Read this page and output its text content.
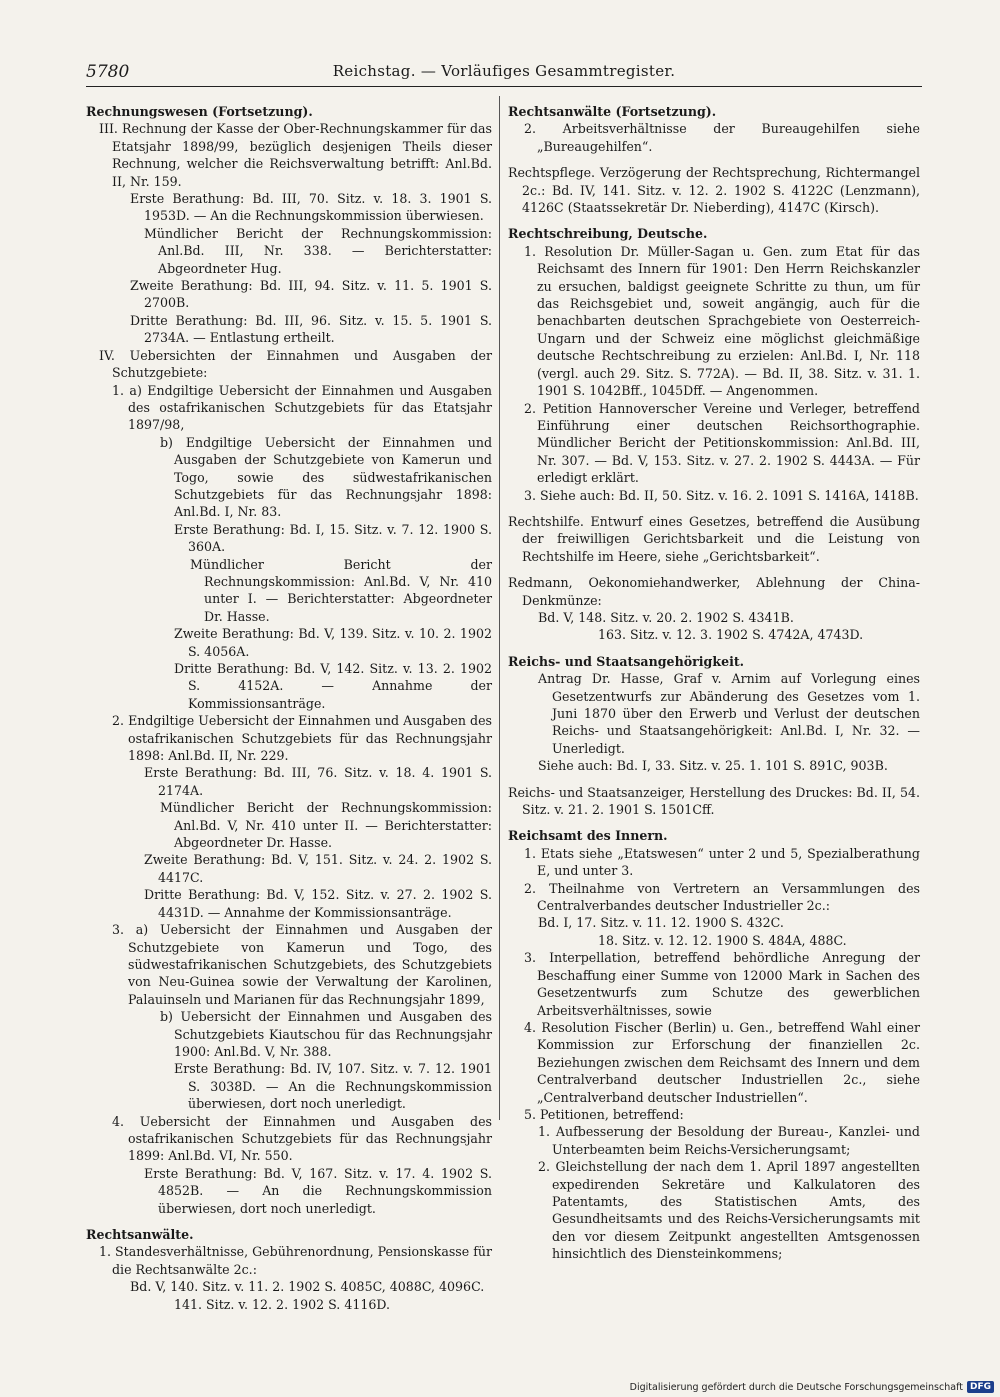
5780	Reichstag. — Vorläufiges Gesammtregister.
Rechnungswesen (Fortsetzung).
III. Rechnung der Kasse der Ober-Rechnungskammer für das Etatsjahr 1898/99, bezüglich desjenigen Theils dieser Rechnung, welcher die Reichsverwaltung betrifft: Anl.Bd. II, Nr. 159.
Erste Berathung: Bd. III, 70. Sitz. v. 18. 3. 1901 S. 1953D. — An die Rechnungskommission überwiesen.
Mündlicher Bericht der Rechnungskommission: Anl.Bd. III, Nr. 338. — Berichterstatter: Abgeordneter Hug.
Zweite Berathung: Bd. III, 94. Sitz. v. 11. 5. 1901 S. 2700B.
Dritte Berathung: Bd. III, 96. Sitz. v. 15. 5. 1901 S. 2734A. — Entlastung ertheilt.
IV. Uebersichten der Einnahmen und Ausgaben der Schutzgebiete:
1. a) Endgiltige Uebersicht der Einnahmen und Ausgaben des ostafrikanischen Schutzgebiets für das Etatsjahr 1897/98,
b) Endgiltige Uebersicht der Einnahmen und Ausgaben der Schutzgebiete von Kamerun und Togo, sowie des südwestafrikanischen Schutzgebiets für das Rechnungsjahr 1898: Anl.Bd. I, Nr. 83.
Erste Berathung: Bd. I, 15. Sitz. v. 7. 12. 1900 S. 360A.
Mündlicher Bericht der Rechnungskommission: Anl.Bd. V, Nr. 410 unter I. — Berichterstatter: Abgeordneter Dr. Hasse.
Zweite Berathung: Bd. V, 139. Sitz. v. 10. 2. 1902 S. 4056A.
Dritte Berathung: Bd. V, 142. Sitz. v. 13. 2. 1902 S. 4152A. — Annahme der Kommissionsanträge.
2. Endgiltige Uebersicht der Einnahmen und Ausgaben des ostafrikanischen Schutzgebiets für das Rechnungsjahr 1898: Anl.Bd. II, Nr. 229.
Erste Berathung: Bd. III, 76. Sitz. v. 18. 4. 1901 S. 2174A.
Mündlicher Bericht der Rechnungskommission: Anl.Bd. V, Nr. 410 unter II. — Berichterstatter: Abgeordneter Dr. Hasse.
Zweite Berathung: Bd. V, 151. Sitz. v. 24. 2. 1902 S. 4417C.
Dritte Berathung: Bd. V, 152. Sitz. v. 27. 2. 1902 S. 4431D. — Annahme der Kommissionsanträge.
3. a) Uebersicht der Einnahmen und Ausgaben der Schutzgebiete von Kamerun und Togo, des südwestafrikanischen Schutzgebiets, des Schutzgebiets von Neu-Guinea sowie der Verwaltung der Karolinen, Palauinseln und Marianen für das Rechnungsjahr 1899,
b) Uebersicht der Einnahmen und Ausgaben des Schutzgebiets Kiautschou für das Rechnungsjahr 1900: Anl.Bd. V, Nr. 388.
Erste Berathung: Bd. IV, 107. Sitz. v. 7. 12. 1901 S. 3038D. — An die Rechnungskommission überwiesen, dort noch unerledigt.
4. Uebersicht der Einnahmen und Ausgaben des ostafrikanischen Schutzgebiets für das Rechnungsjahr 1899: Anl.Bd. VI, Nr. 550.
Erste Berathung: Bd. V, 167. Sitz. v. 17. 4. 1902 S. 4852B. — An die Rechnungskommission überwiesen, dort noch unerledigt.
Rechtsanwälte.
1. Standesverhältnisse, Gebührenordnung, Pensionskasse für die Rechtsanwälte 2c.:
Bd. V, 140. Sitz. v. 11. 2. 1902 S. 4085C, 4088C, 4096C.
141. Sitz. v. 12. 2. 1902 S. 4116D.
Rechtsanwälte (Fortsetzung).
2. Arbeitsverhältnisse der Bureaugehilfen siehe „Bureaugehilfen“.
Rechtspflege. Verzögerung der Rechtsprechung, Richtermangel 2c.: Bd. IV, 141. Sitz. v. 12. 2. 1902 S. 4122C (Lenzmann), 4126C (Staatssekretär Dr. Nieberding), 4147C (Kirsch).
Rechtschreibung, Deutsche.
1. Resolution Dr. Müller-Sagan u. Gen. zum Etat für das Reichsamt des Innern für 1901: Den Herrn Reichskanzler zu ersuchen, baldigst geeignete Schritte zu thun, um für das Reichsgebiet und, soweit angängig, auch für die benachbarten deutschen Sprachgebiete von Oesterreich-Ungarn und der Schweiz eine möglichst gleichmäßige deutsche Rechtschreibung zu erzielen: Anl.Bd. I, Nr. 118 (vergl. auch 29. Sitz. S. 772A). — Bd. II, 38. Sitz. v. 31. 1. 1901 S. 1042Bff., 1045Dff. — Angenommen.
2. Petition Hannoverscher Vereine und Verleger, betreffend Einführung einer deutschen Reichsorthographie. Mündlicher Bericht der Petitionskommission: Anl.Bd. III, Nr. 307. — Bd. V, 153. Sitz. v. 27. 2. 1902 S. 4443A. — Für erledigt erklärt.
3. Siehe auch: Bd. II, 50. Sitz. v. 16. 2. 1091 S. 1416A, 1418B.
Rechtshilfe. Entwurf eines Gesetzes, betreffend die Ausübung der freiwilligen Gerichtsbarkeit und die Leistung von Rechtshilfe im Heere, siehe „Gerichtsbarkeit“.
Redmann, Oekonomiehandwerker, Ablehnung der China-Denkmünze:
Bd. V, 148. Sitz. v. 20. 2. 1902 S. 4341B.
163. Sitz. v. 12. 3. 1902 S. 4742A, 4743D.
Reichs- und Staatsangehörigkeit.
Antrag Dr. Hasse, Graf v. Arnim auf Vorlegung eines Gesetzentwurfs zur Abänderung des Gesetzes vom 1. Juni 1870 über den Erwerb und Verlust der deutschen Reichs- und Staatsangehörigkeit: Anl.Bd. I, Nr. 32. — Unerledigt.
Siehe auch: Bd. I, 33. Sitz. v. 25. 1. 101 S. 891C, 903B.
Reichs- und Staatsanzeiger, Herstellung des Druckes: Bd. II, 54. Sitz. v. 21. 2. 1901 S. 1501Cff.
Reichsamt des Innern.
1. Etats siehe „Etatswesen“ unter 2 und 5, Spezialberathung E, und unter 3.
2. Theilnahme von Vertretern an Versammlungen des Centralverbandes deutscher Industrieller 2c.:
Bd. I, 17. Sitz. v. 11. 12. 1900 S. 432C.
18. Sitz. v. 12. 12. 1900 S. 484A, 488C.
3. Interpellation, betreffend behördliche Anregung der Beschaffung einer Summe von 12000 Mark in Sachen des Gesetzentwurfs zum Schutze des gewerblichen Arbeitsverhältnisses, sowie
4. Resolution Fischer (Berlin) u. Gen., betreffend Wahl einer Kommission zur Erforschung der finanziellen 2c. Beziehungen zwischen dem Reichsamt des Innern und dem Centralverband deutscher Industriellen 2c., siehe „Centralverband deutscher Industriellen“.
5. Petitionen, betreffend:
1. Aufbesserung der Besoldung der Bureau-, Kanzlei- und Unterbeamten beim Reichs-Versicherungsamt;
2. Gleichstellung der nach dem 1. April 1897 angestellten expedirenden Sekretäre und Kalkulatoren des Patentamts, des Statistischen Amts, des Gesundheitsamts und des Reichs-Versicherungsamts mit den vor diesem Zeitpunkt angestellten Amtsgenossen hinsichtlich des Diensteinkommens;
Digitalisierung gefördert durch die Deutsche Forschungsgemeinschaft DFG
